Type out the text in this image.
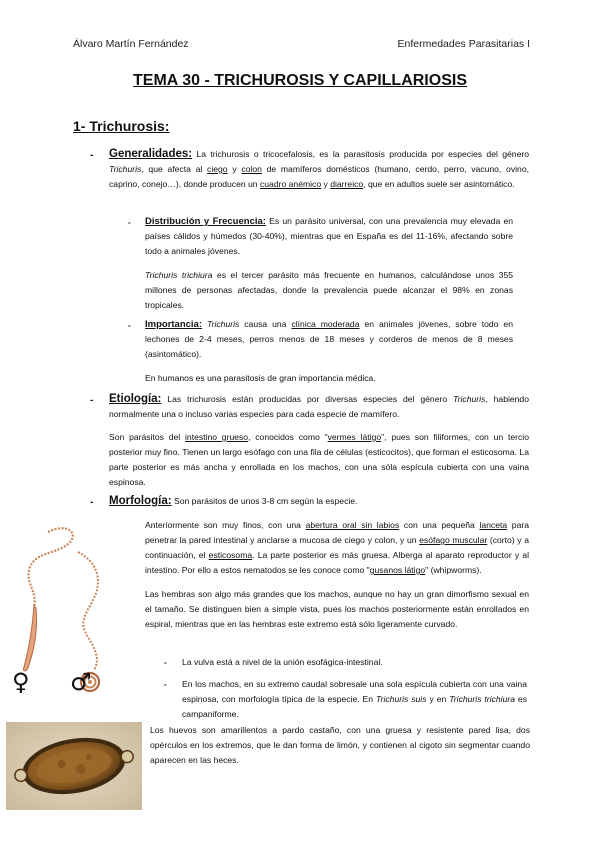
Álvaro Martín Fernández	Enfermedades Parasitarias I
TEMA 30 - TRICHUROSIS Y CAPILLARIOSIS
1- Trichurosis:
- Generalidades: La trichurosis o tricocefalosis, es la parasitosis producida por especies del género Trichuris, que afecta al ciego y colon de mamíferos domésticos (humano, cerdo, perro, vacuno, ovino, caprino, conejo…), donde producen un cuadro anémico y diarreico, que en adultos suele ser asintomático.

- Distribución y Frecuencia: Es un parásito universal, con una prevalencia muy elevada en países cálidos y húmedos (30-40%), mientras que en España es del 11-16%, afectando sobre todo a animales jóvenes.

Trichuris trichiura es el tercer parásito más frecuente en humanos, calculándose unos 355 millones de personas afectadas, donde la prevalencia puede alcanzar el 98% en zonas tropicales.

- Importancia: Trichuris causa una clínica moderada en animales jóvenes, sobre todo en lechones de 2-4 meses, perros menos de 18 meses y corderos de menos de 8 meses (asintomático).

En humanos es una parasitosis de gran importancia médica.

- Etiología: Las trichurosis están producidas por diversas especies del género Trichuris, habiendo normalmente una o incluso varias especies para cada especie de mamífero.

Son parásitos del intestino grueso, conocidos como "vermes látigo", pues son filiformes, con un tercio posterior muy fino. Tienen un largo esófago con una fila de células (esticocitos), que forman el esticosoma. La parte posterior es más ancha y enrollada en los machos, con una sóla espícula cubierta con una vaina espinosa.

- Morfología: Son parásitos de unos 3-8 cm según la especie.

Anteriormente son muy finos, con una abertura oral sin labios con una pequeña lanceta para penetrar la pared intestinal y anclarse a mucosa de ciego y colon, y un esófago muscular (corto) y a continuación, el esticosoma. La parte posterior es más gruesa. Alberga al aparato reproductor y al intestino. Por ello a estos nematodos se les conoce como "gusanos látigo" (whipworms).

Las hembras son algo más grandes que los machos, aunque no hay un gran dimorfismo sexual en el tamaño. Se distinguen bien a simple vista, pues los machos posteriormente están enrollados en espiral, mientras que en las hembras este extremo está sólo ligeramente curvado.

- La vulva está a nivel de la unión esofágica-intestinal.

- En los machos, en su extremo caudal sobresale una sola espícula cubierta con una vaina espinosa, con morfología típica de la especie. En Trichuris suis y en Trichuris trichiura es campaniforme.

Los huevos son amarillentos a pardo castaño, con una gruesa y resistente pared lisa, dos opérculos en los extremos, que le dan forma de limón, y contienen al cigoto sin segmentar cuando aparecen en las heces.

♀ ♂
